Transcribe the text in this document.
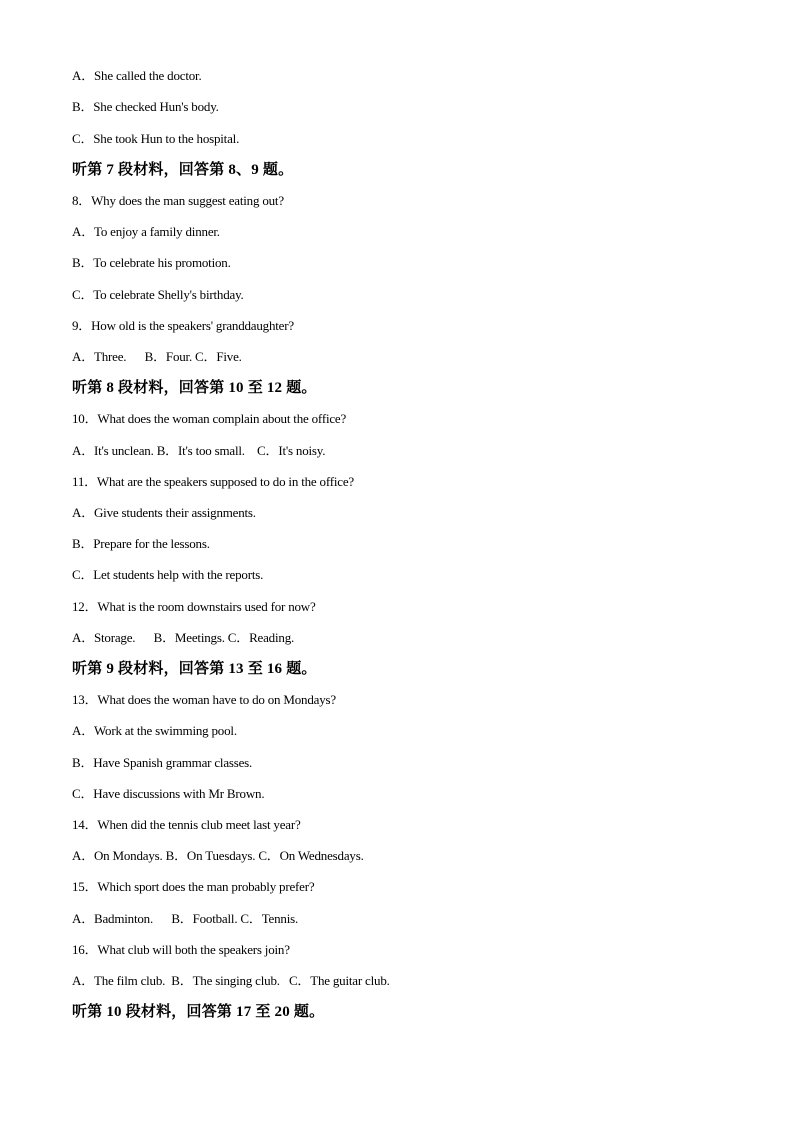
A．She called the doctor.
B．She checked Hun's body.
C．She took Hun to the hospital.
听第 7 段材料，回答第 8、9 题。
8．Why does the man suggest eating out?
A．To enjoy a family dinner.
B．To celebrate his promotion.
C．To celebrate Shelly's birthday.
9．How old is the speakers' granddaughter?
A．Three.      B．Four. C．Five.
听第 8 段材料，回答第 10 至 12 题。
10．What does the woman complain about the office?
A．It's unclean. B．It's too small.    C．It's noisy.
11．What are the speakers supposed to do in the office?
A．Give students their assignments.
B．Prepare for the lessons.
C．Let students help with the reports.
12．What is the room downstairs used for now?
A．Storage.      B．Meetings. C．Reading.
听第 9 段材料，回答第 13 至 16 题。
13．What does the woman have to do on Mondays?
A．Work at the swimming pool.
B．Have Spanish grammar classes.
C．Have discussions with Mr Brown.
14．When did the tennis club meet last year?
A．On Mondays. B．On Tuesdays. C．On Wednesdays.
15．Which sport does the man probably prefer?
A．Badminton.      B．Football. C．Tennis.
16．What club will both the speakers join?
A．The film club.  B．The singing club.   C．The guitar club.
听第 10 段材料，回答第 17 至 20 题。
